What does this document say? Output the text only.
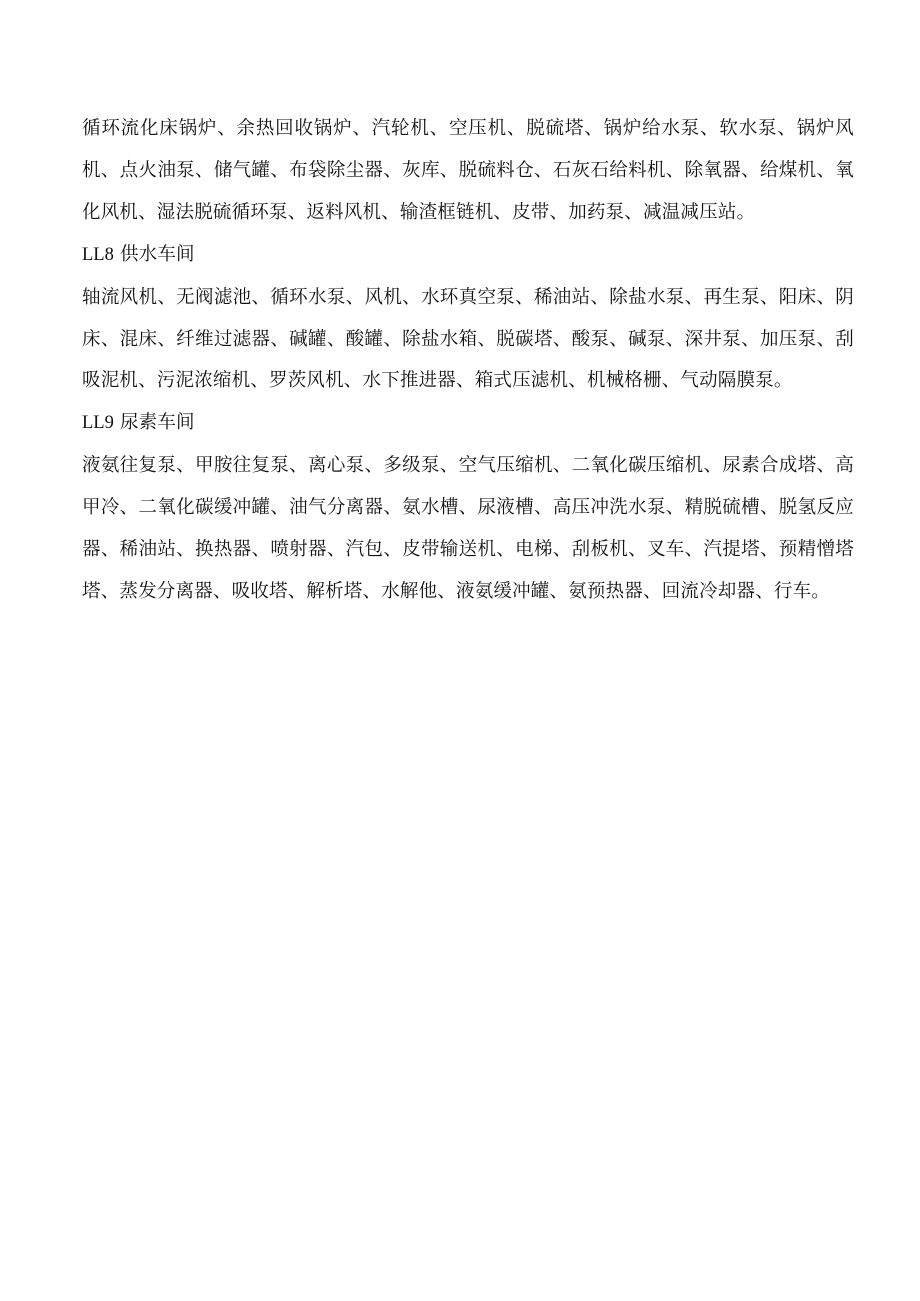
循环流化床锅炉、余热回收锅炉、汽轮机、空压机、脱硫塔、锅炉给水泵、软水泵、锅炉风机、点火油泵、储气罐、布袋除尘器、灰库、脱硫料仓、石灰石给料机、除氧器、给煤机、氧化风机、湿法脱硫循环泵、返料风机、输渣框链机、皮带、加药泵、减温减压站。

LL8 供水车间

轴流风机、无阀滤池、循环水泵、风机、水环真空泵、稀油站、除盐水泵、再生泵、阳床、阴床、混床、纤维过滤器、碱罐、酸罐、除盐水箱、脱碳塔、酸泵、碱泵、深井泵、加压泵、刮吸泥机、污泥浓缩机、罗茨风机、水下推进器、箱式压滤机、机械格栅、气动隔膜泵。

LL9 尿素车间

液氨往复泵、甲胺往复泵、离心泵、多级泵、空气压缩机、二氧化碳压缩机、尿素合成塔、高甲冷、二氧化碳缓冲罐、油气分离器、氨水槽、尿液槽、高压冲洗水泵、精脱硫槽、脱氢反应器、稀油站、换热器、喷射器、汽包、皮带输送机、电梯、刮板机、叉车、汽提塔、预精憎塔塔、蒸发分离器、吸收塔、解析塔、水解他、液氨缓冲罐、氨预热器、回流冷却器、行车。
